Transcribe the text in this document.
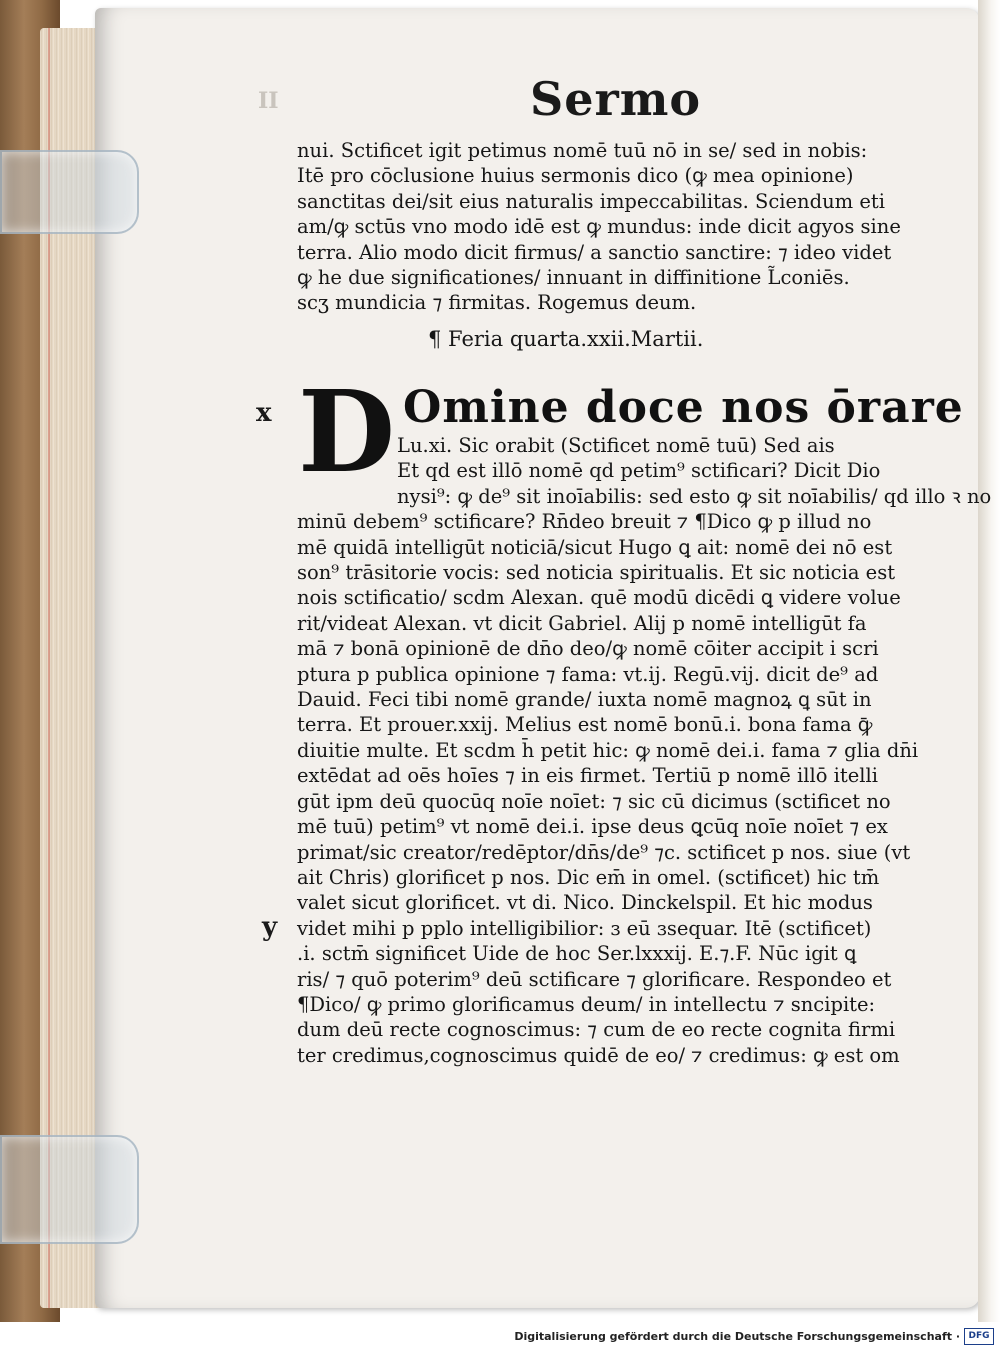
II	Sermo
nui. Sctificet igit petimus nomē tuū nō in se/ sed in nobis:
Itē pro cōclusione huius sermonis dico (ꝙ mea opinione)
sanctitas dei/sit eius naturalis impeccabilitas. Sciendum eti
am/ꝙ sctūs vno modo idē est ꝙ mundus: inde dicit agyos sine
terra. Alio modo dicit firmus/ a sanctio sanctire: ⁊ ideo videt
ꝙ he due significationes/ innuant in diffinitione L̃coniēs.
scʒ mundicia ⁊ firmitas. Rogemus deum.
¶ Feria quarta.xxii.Martii.
x D Omine doce nos ōrare
Lu.xi. Sic orabit (Sctificet nomē tuū) Sed ais
Et qd est illō nomē qd petim⁹ sctificari? Dicit Dio
nysi⁹: ꝙ de⁹ sit inoīabilis: sed esto ꝙ sit noīabilis/ qd illo ꝛ no
minū debem⁹ sctificare? Rn̄deo breuit ⁊ ¶Dico ꝙ p illud no
mē quidā intelligūt noticiā/sicut Hugo ꝗ ait: nomē dei nō est
son⁹ trāsitorie vocis: sed noticia spiritualis. Et sic noticia est
nois sctificatio/ scdm Alexan. quē modū dicēdi ꝗ videre volue
rit/videat Alexan. vt dicit Gabriel. Alij p nomē intelligūt fa
mā ⁊ bonā opinionē de dn̄o deo/ꝙ nomē cōiter accipit i scri
ptura p publica opinione ⁊ fama: vt.ij. Regū.vij. dicit de⁹ ad
Dauid. Feci tibi nomē grande/ iuxta nomē magnoꝝ ꝗ sūt in
terra. Et prouer.xxij. Melius est nomē bonū.i. bona fama ꝙ̄
diuitie multe. Et scdm h̄ petit hic: ꝙ nomē dei.i. fama ⁊ glia dn̄i
extēdat ad oēs hoīes ⁊ in eis firmet. Tertiū p nomē illō itelli
gūt ipm deū quocūq noīe noīet: ⁊ sic cū dicimus (sctificet no
mē tuū) petim⁹ vt nomē dei.i. ipse deus ꝗcūq noīe noīet ⁊ ex
primat/sic creator/redēptor/dn̄s/de⁹ ⁊c. sctificet p nos. siue (vt
ait Chris) glorificet p nos. Dic em̄ in omel. (sctificet) hic tm̄
valet sicut glorificet. vt di. Nico. Dinckelspil. Et hic modus
videt mihi p pplo intelligibilior: ɜ eū ɜsequar. Itē (sctificet)
.i. sctm̄ significet Uide de hoc Ser.lxxxij. E.⁊.F. Nūc igit ꝗ
ris/ ⁊ quō poterim⁹ deū sctificare ⁊ glorificare. Respondeo et
¶Dico/ ꝙ primo glorificamus deum/ in intellectu ⁊ sncipite:
dum deū recte cognoscimus: ⁊ cum de eo recte cognita firmi
ter credimus,cognoscimus quidē de eo/ ⁊ credimus: ꝙ est om
y
Digitalisierung gefördert durch die Deutsche Forschungsgemeinschaft · DFG
